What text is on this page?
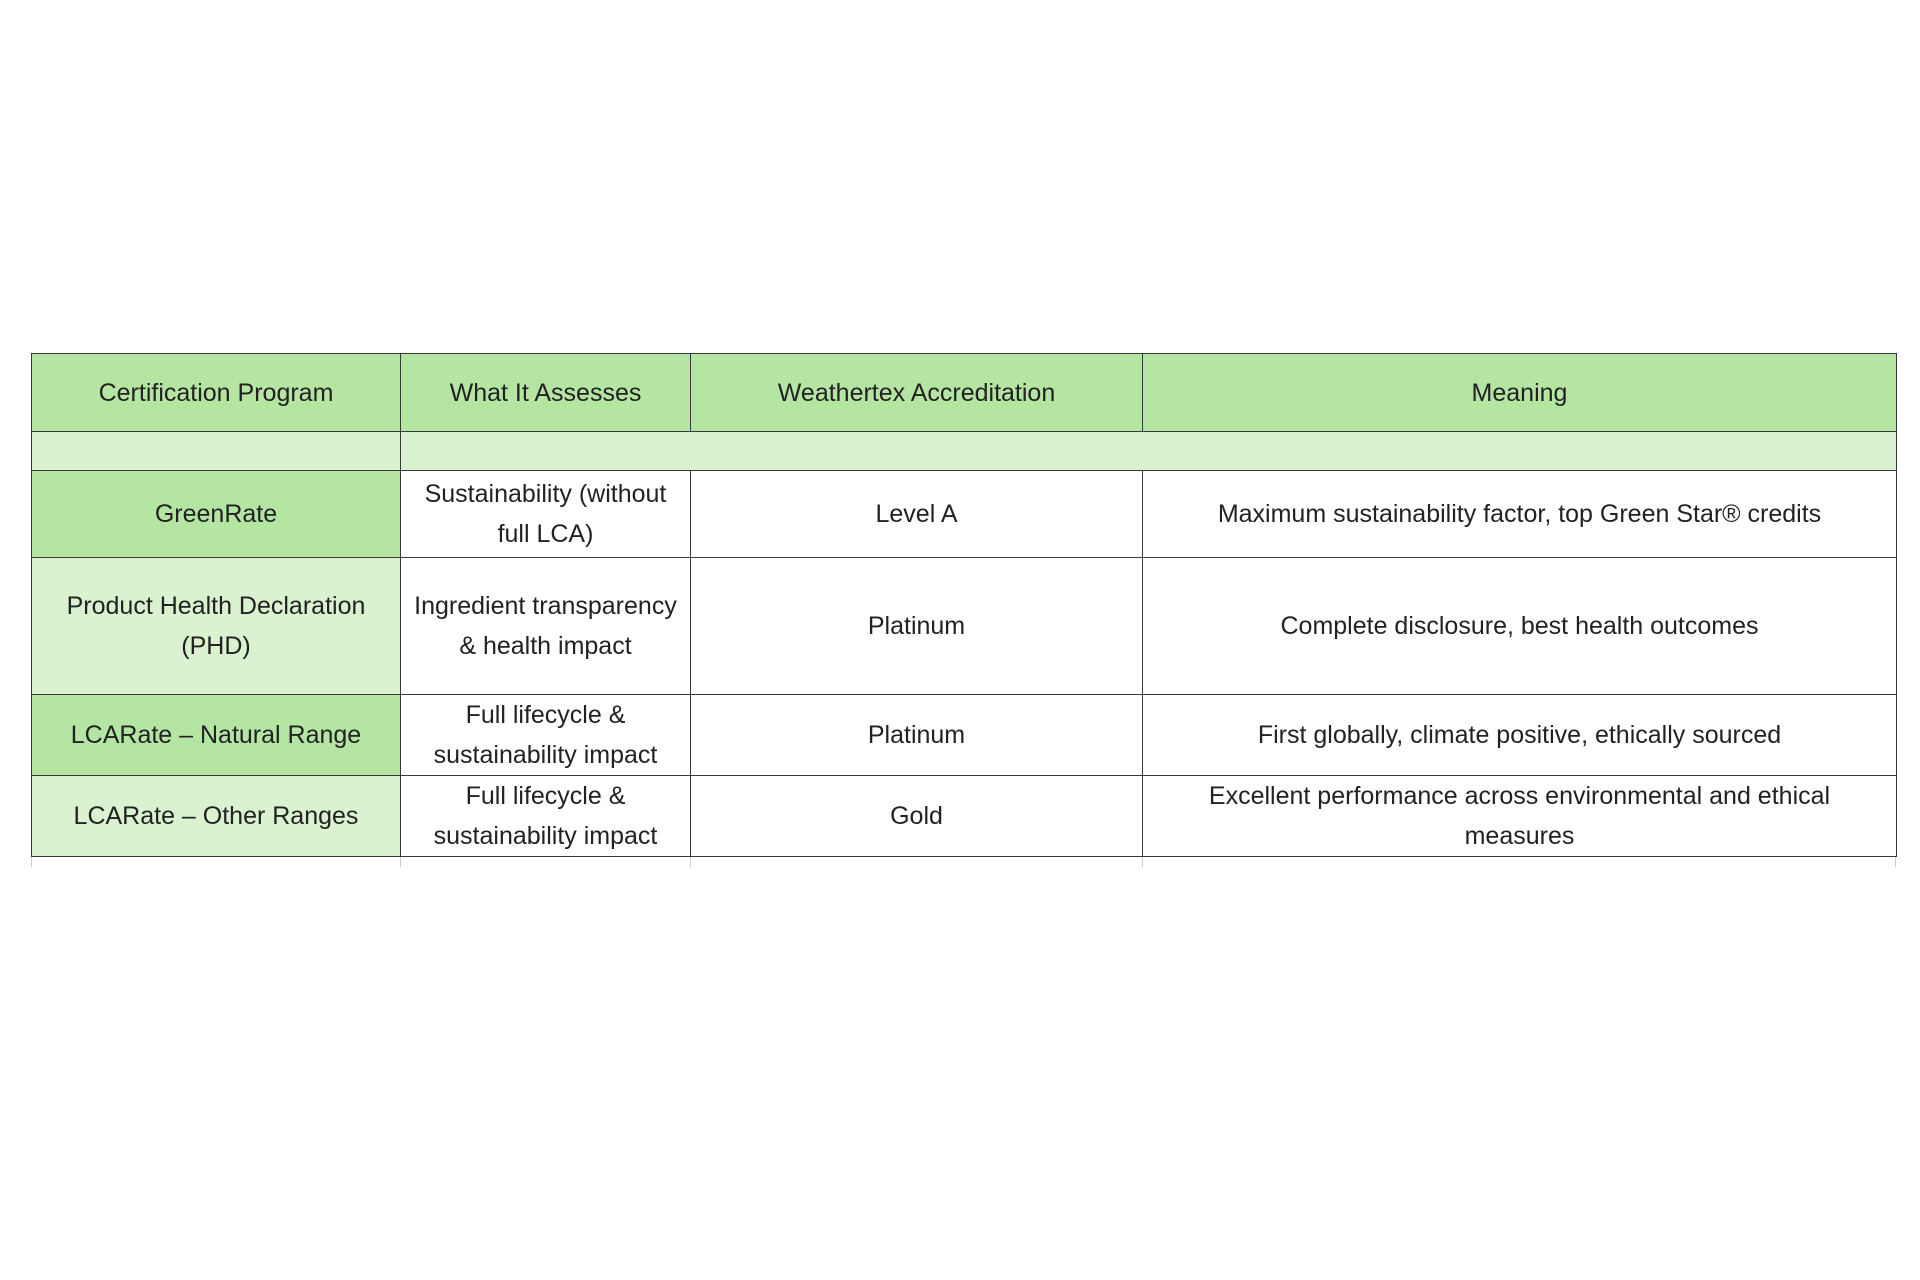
Certification Program	What It Assesses	Weathertex Accreditation	Meaning

GreenRate	Sustainability (without full LCA)	Level A	Maximum sustainability factor, top Green Star® credits
Product Health Declaration (PHD)	Ingredient transparency & health impact	Platinum	Complete disclosure, best health outcomes
LCARate – Natural Range	Full lifecycle & sustainability impact	Platinum	First globally, climate positive, ethically sourced
LCARate – Other Ranges	Full lifecycle & sustainability impact	Gold	Excellent performance across environmental and ethical measures
